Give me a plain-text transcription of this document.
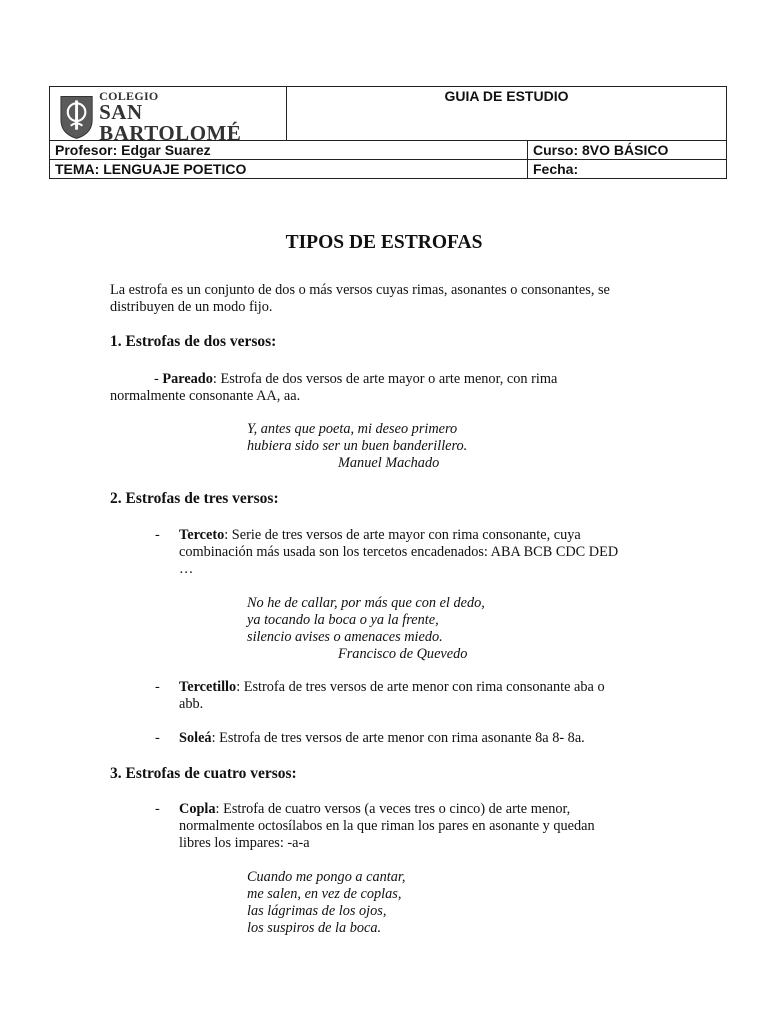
COLEGIO
SAN BARTOLOMÉ	GUIA DE ESTUDIO	
Profesor: Edgar Suarez		Curso: 8VO BÁSICO
TEMA: LENGUAJE POETICO		Fecha:
TIPOS DE ESTROFAS

La estrofa es un conjunto de dos o más versos cuyas rimas, asonantes o consonantes, se
distribuyen de un modo fijo.

1. Estrofas de dos versos:

- Pareado: Estrofa de dos versos de arte mayor o arte menor, con rima
normalmente consonante AA, aa.

Y, antes que poeta, mi deseo primero
hubiera sido ser un buen banderillero.
Manuel Machado

2. Estrofas de tres versos:
- Terceto: Serie de tres versos de arte mayor con rima consonante, cuya
combinación más usada son los tercetos encadenados: ABA BCB CDC DED
…

No he de callar, por más que con el dedo,
ya tocando la boca o ya la frente,
silencio avises o amenaces miedo.
Francisco de Quevedo

- Tercetillo: Estrofa de tres versos de arte menor con rima consonante aba o
abb.

- Soleá: Estrofa de tres versos de arte menor con rima asonante 8a 8- 8a.

3. Estrofas de cuatro versos:
- Copla: Estrofa de cuatro versos (a veces tres o cinco) de arte menor,
normalmente octosílabos en la que riman los pares en asonante y quedan
libres los impares: -a-a

Cuando me pongo a cantar,
me salen, en vez de coplas,
las lágrimas de los ojos,
los suspiros de la boca.
